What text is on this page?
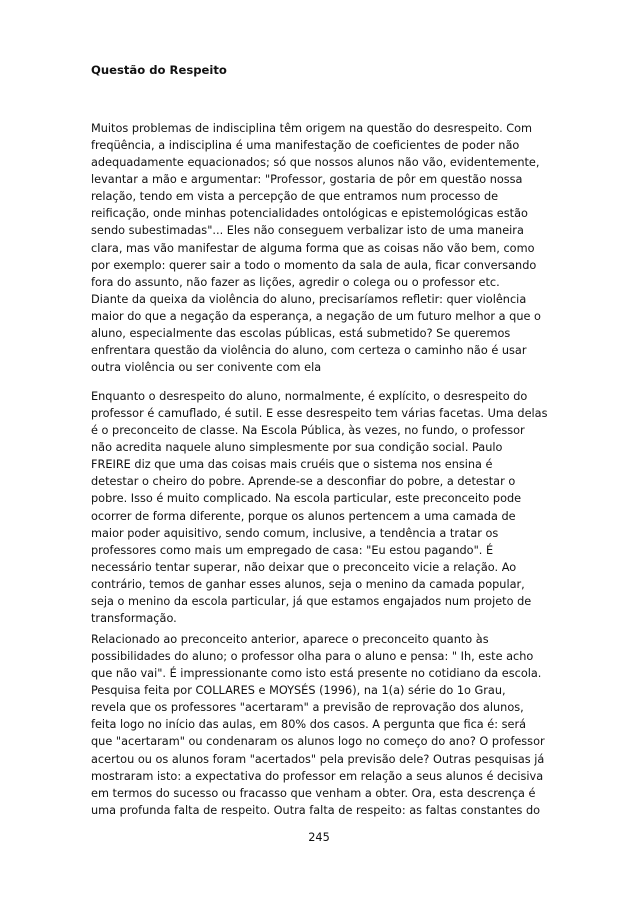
Questão do Respeito
Muitos problemas de indisciplina têm origem na questão do desrespeito. Com
freqüência, a indisciplina é uma manifestação de coeficientes de poder não
adequadamente equacionados; só que nossos alunos não vão, evidentemente,
levantar a mão e argumentar: "Professor, gostaria de pôr em questão nossa
relação, tendo em vista a percepção de que entramos num processo de
reificação, onde minhas potencialidades ontológicas e epistemológicas estão
sendo subestimadas"... Eles não conseguem verbalizar isto de uma maneira
clara, mas vão manifestar de alguma forma que as coisas não vão bem, como
por exemplo: querer sair a todo o momento da sala de aula, ficar conversando
fora do assunto, não fazer as lições, agredir o colega ou o professor etc.
Diante da queixa da violência do aluno, precisaríamos refletir: quer violência
maior do que a negação da esperança, a negação de um futuro melhor a que o
aluno, especialmente das escolas públicas, está submetido? Se queremos
enfrentara questão da violência do aluno, com certeza o caminho não é usar
outra violência ou ser conivente com ela
Enquanto o desrespeito do aluno, normalmente, é explícito, o desrespeito do
professor é camuflado, é sutil. E esse desrespeito tem várias facetas. Uma delas
é o preconceito de classe. Na Escola Pública, às vezes, no fundo, o professor
não acredita naquele aluno simplesmente por sua condição social. Paulo
FREIRE diz que uma das coisas mais cruéis que o sistema nos ensina é
detestar o cheiro do pobre. Aprende-se a desconfiar do pobre, a detestar o
pobre. Isso é muito complicado. Na escola particular, este preconceito pode
ocorrer de forma diferente, porque os alunos pertencem a uma camada de
maior poder aquisitivo, sendo comum, inclusive, a tendência a tratar os
professores como mais um empregado de casa: "Eu estou pagando". É
necessário tentar superar, não deixar que o preconceito vicie a relação. Ao
contrário, temos de ganhar esses alunos, seja o menino da camada popular,
seja o menino da escola particular, já que estamos engajados num projeto de
transformação.
Relacionado ao preconceito anterior, aparece o preconceito quanto às
possibilidades do aluno; o professor olha para o aluno e pensa: " Ih, este acho
que não vai". É impressionante como isto está presente no cotidiano da escola.
Pesquisa feita por COLLARES e MOYSÉS (1996), na 1(a) série do 1o Grau,
revela que os professores "acertaram" a previsão de reprovação dos alunos,
feita logo no início das aulas, em 80% dos casos. A pergunta que fica é: será
que "acertaram" ou condenaram os alunos logo no começo do ano? O professor
acertou ou os alunos foram "acertados" pela previsão dele? Outras pesquisas já
mostraram isto: a expectativa do professor em relação a seus alunos é decisiva
em termos do sucesso ou fracasso que venham a obter. Ora, esta descrença é
uma profunda falta de respeito. Outra falta de respeito: as faltas constantes do
245
